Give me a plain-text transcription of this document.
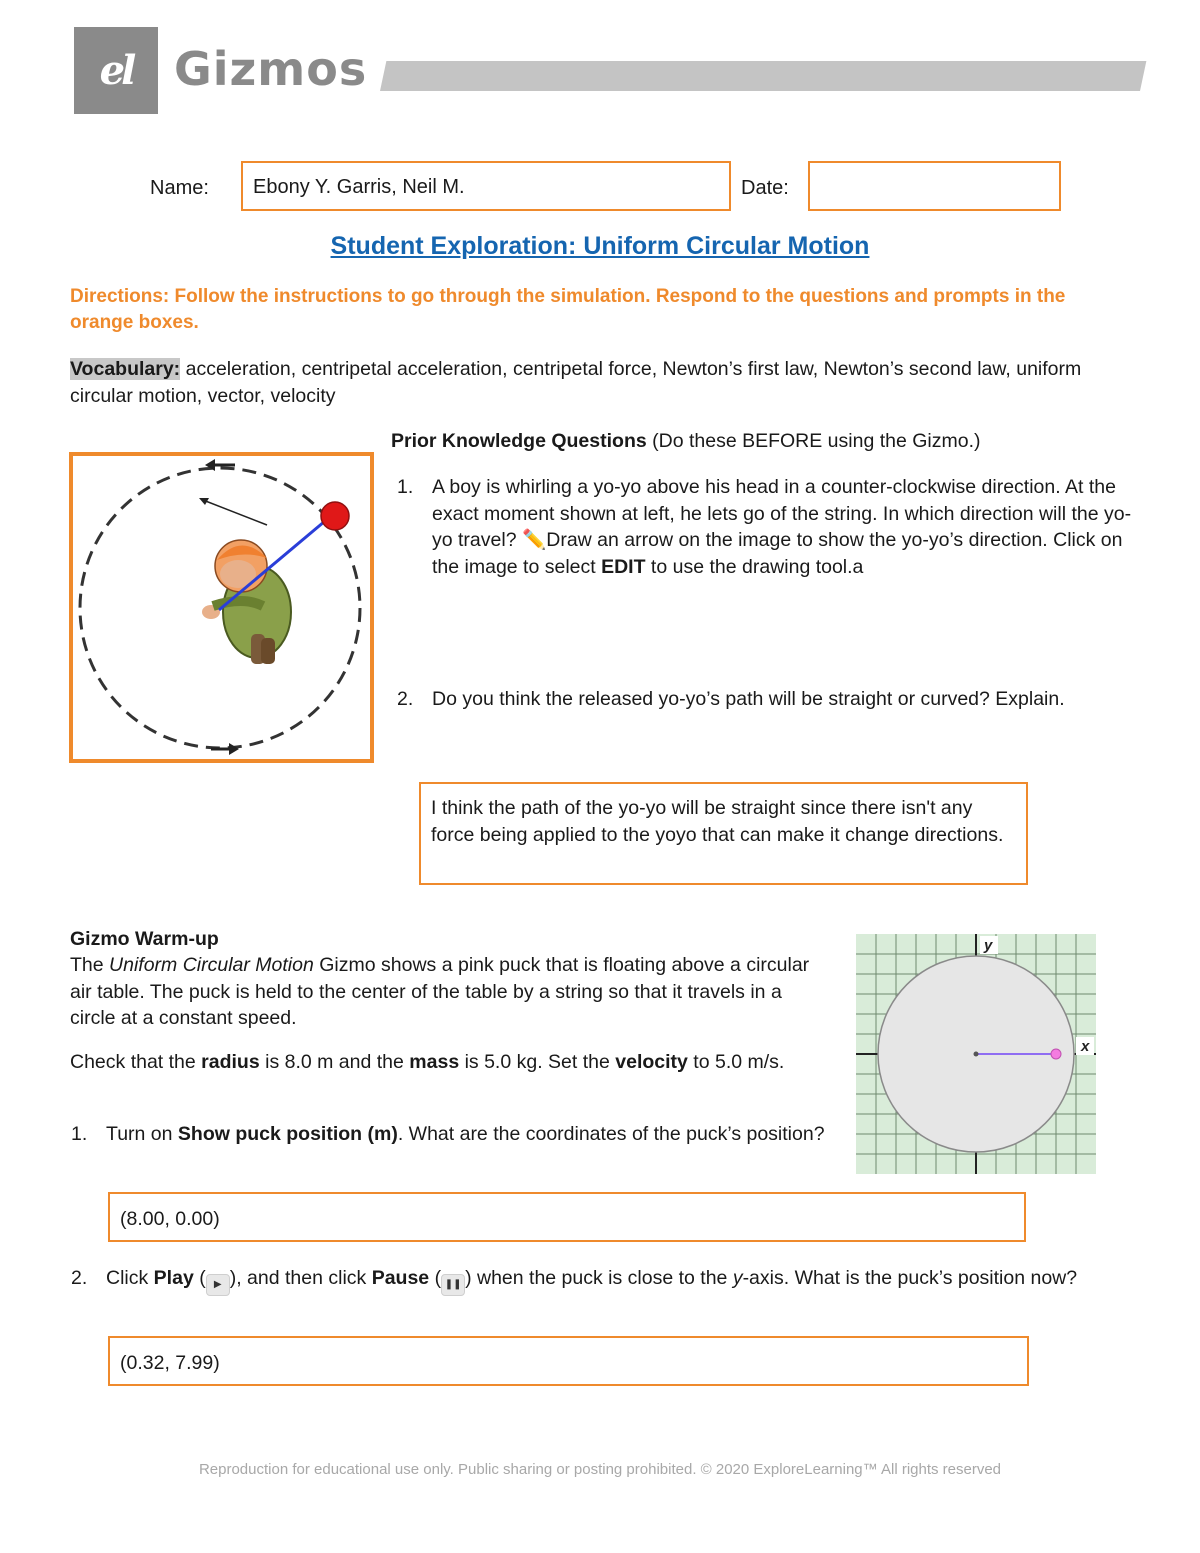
el Gizmos
Name:	Ebony Y. Garris, Neil M.	Date:
Student Exploration: Uniform Circular Motion
Directions: Follow the instructions to go through the simulation. Respond to the questions and prompts in the orange boxes.
Vocabulary: acceleration, centripetal acceleration, centripetal force, Newton’s first law, Newton’s second law, uniform circular motion, vector, velocity
Prior Knowledge Questions (Do these BEFORE using the Gizmo.)
1. A boy is whirling a yo-yo above his head in a counter-clockwise direction. At the exact moment shown at left, he lets go of the string. In which direction will the yo-yo travel? ✏️Draw an arrow on the image to show the yo-yo’s direction. Click on the image to select EDIT to use the drawing tool.a
2. Do you think the released yo-yo’s path will be straight or curved? Explain.
I think the path of the yo-yo will be straight since there isn't any force being applied to the yoyo that can make it change directions.
Gizmo Warm-up
The Uniform Circular Motion Gizmo shows a pink puck that is floating above a circular air table. The puck is held to the center of the table by a string so that it travels in a circle at a constant speed.
Check that the radius is 8.0 m and the mass is 5.0 kg. Set the velocity to 5.0 m/s.
y
x
1. Turn on Show puck position (m). What are the coordinates of the puck’s position?
(8.00, 0.00)
2. Click Play ( ▶ ), and then click Pause ( ❚❚ ) when the puck is close to the y-axis. What is the puck’s position now?
(0.32, 7.99)
Reproduction for educational use only. Public sharing or posting prohibited. © 2020 ExploreLearning™ All rights reserved
